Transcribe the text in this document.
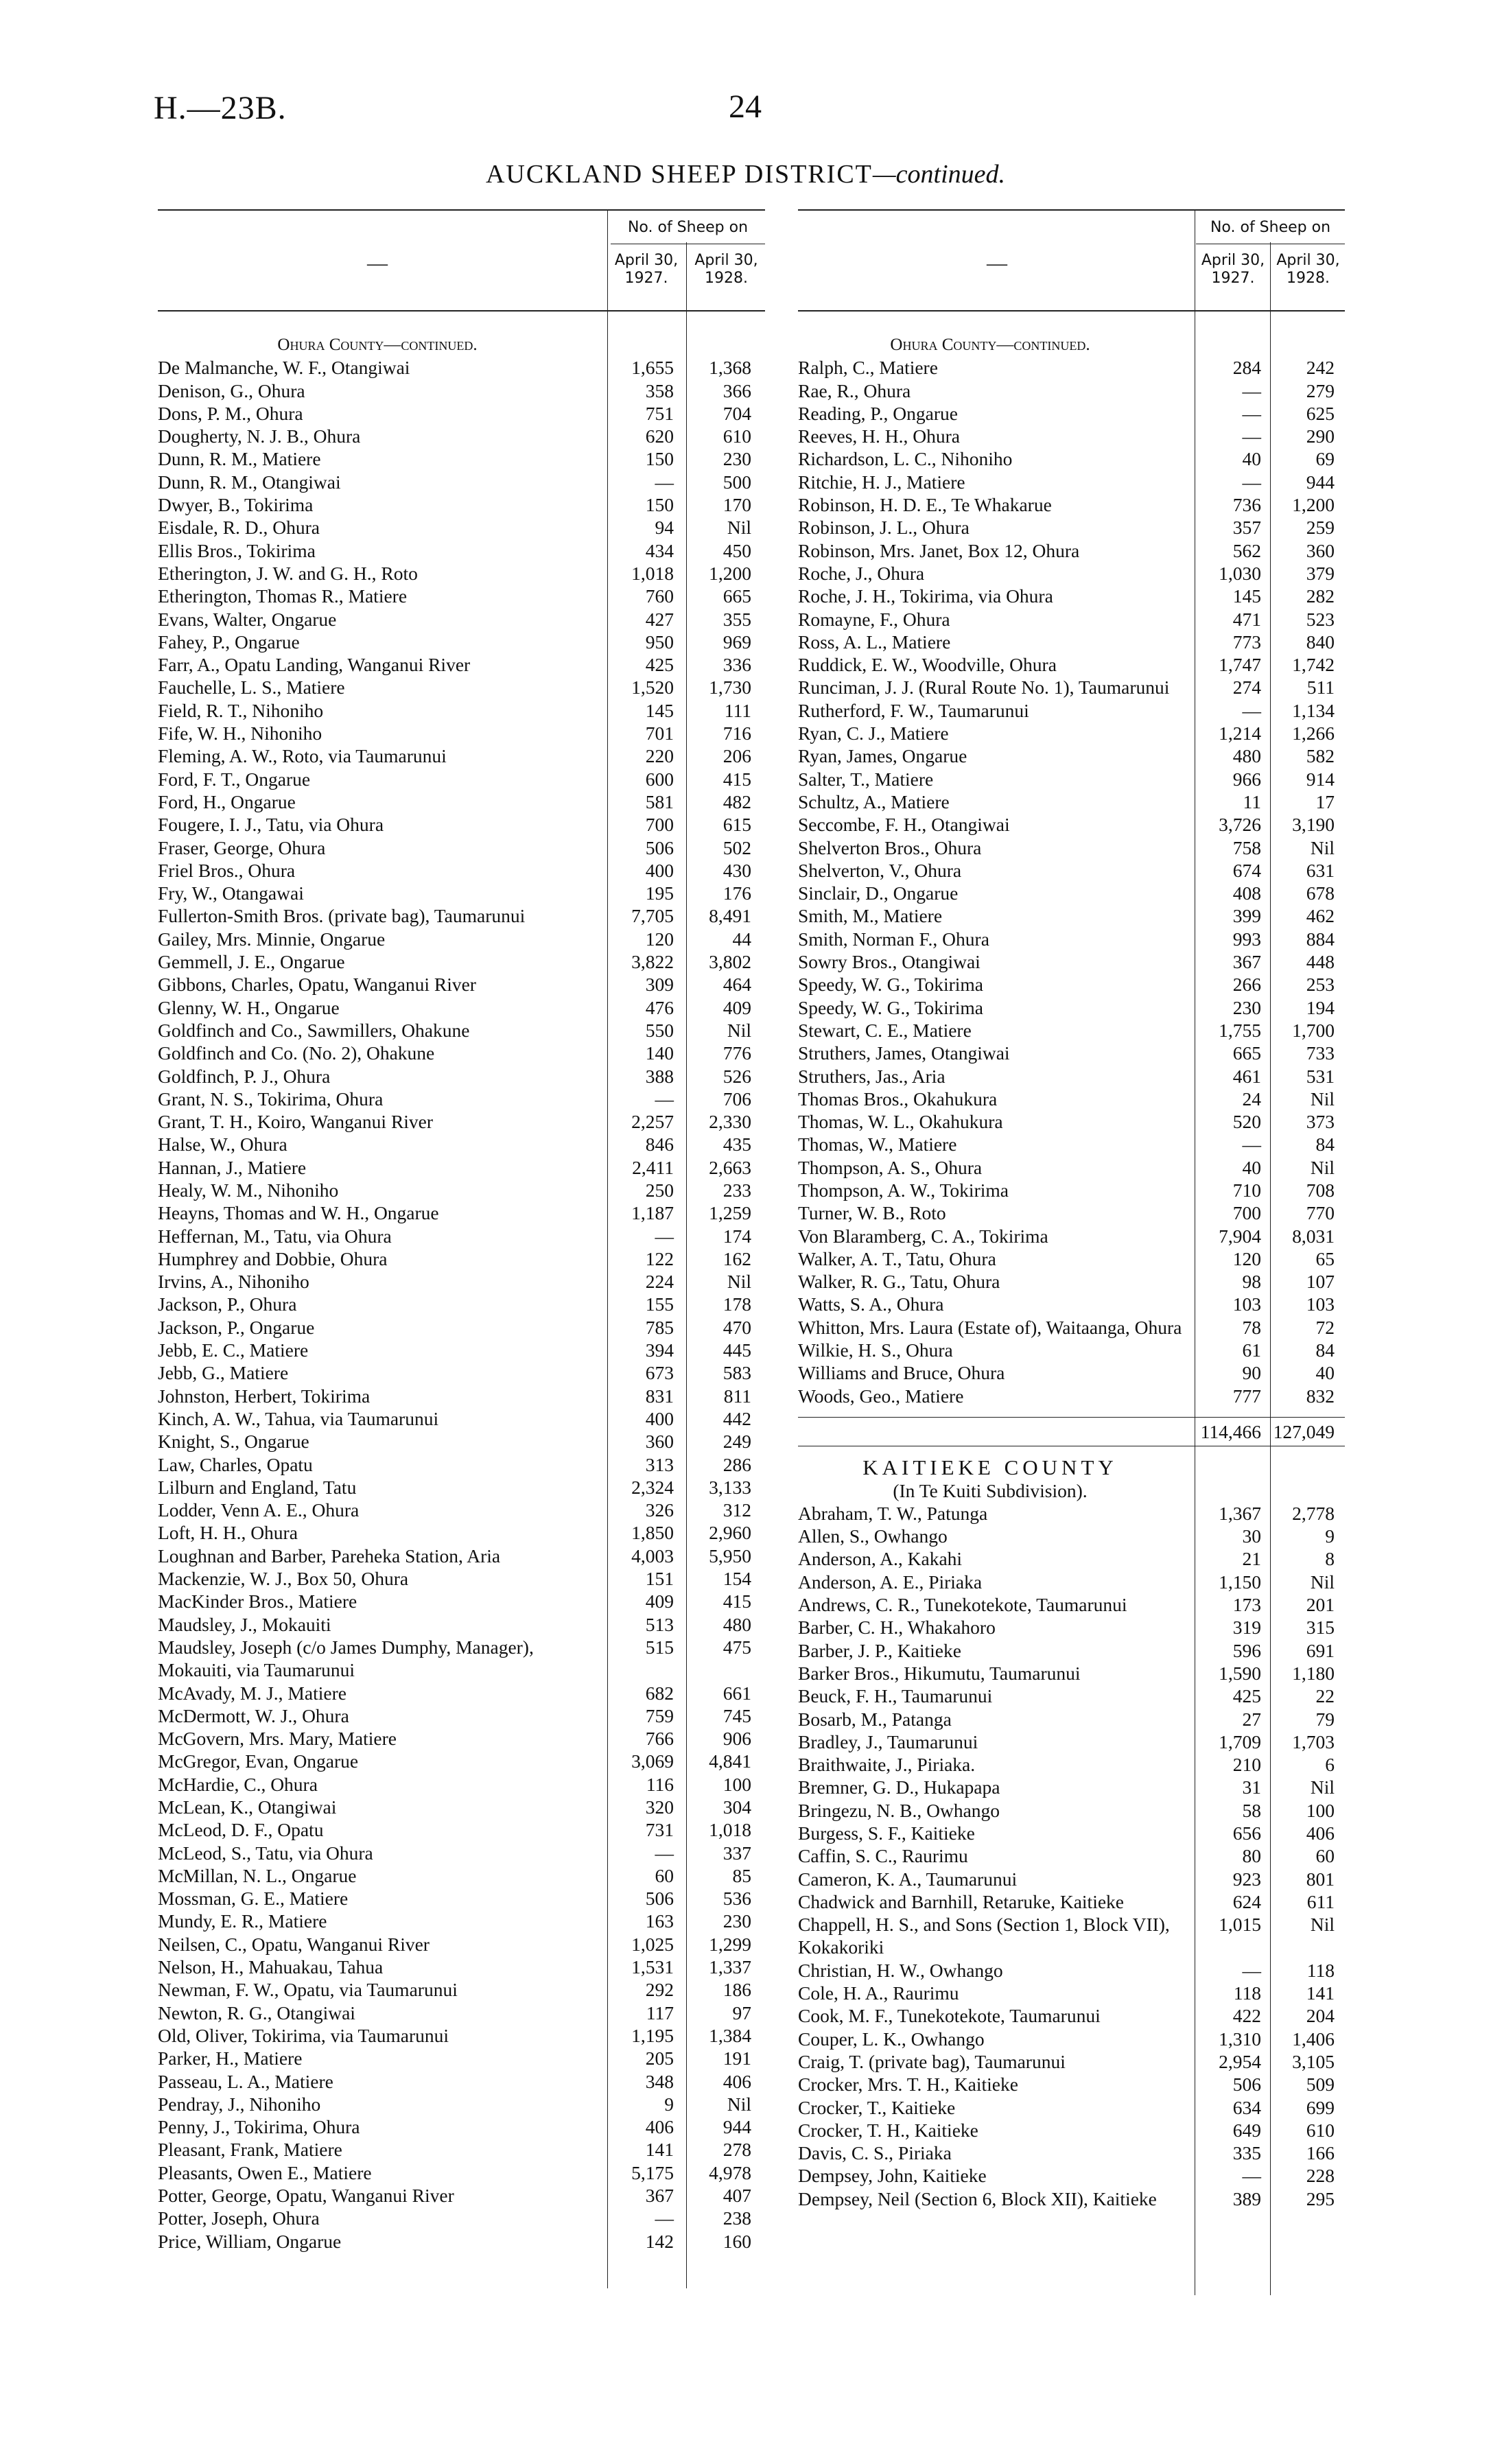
H.—23B.	24
AUCKLAND SHEEP DISTRICT—continued.
—
No. of Sheep on
April 30, 1927.
April 30, 1928.
Ohura County—continued.
De Malmanche, W. F., Otangiwai	1,655	1,368
Denison, G., Ohura	358	366
Dons, P. M., Ohura	751	704
Dougherty, N. J. B., Ohura	620	610
Dunn, R. M., Matiere	150	230
Dunn, R. M., Otangiwai	—	500
Dwyer, B., Tokirima	150	170
Eisdale, R. D., Ohura	94	Nil
Ellis Bros., Tokirima	434	450
Etherington, J. W. and G. H., Roto	1,018	1,200
Etherington, Thomas R., Matiere	760	665
Evans, Walter, Ongarue	427	355
Fahey, P., Ongarue	950	969
Farr, A., Opatu Landing, Wanganui River	425	336
Fauchelle, L. S., Matiere	1,520	1,730
Field, R. T., Nihoniho	145	111
Fife, W. H., Nihoniho	701	716
Fleming, A. W., Roto, via Taumarunui	220	206
Ford, F. T., Ongarue	600	415
Ford, H., Ongarue	581	482
Fougere, I. J., Tatu, via Ohura	700	615
Fraser, George, Ohura	506	502
Friel Bros., Ohura	400	430
Fry, W., Otangawai	195	176
Fullerton-Smith Bros. (private bag), Taumarunui	7,705	8,491
Gailey, Mrs. Minnie, Ongarue	120	44
Gemmell, J. E., Ongarue	3,822	3,802
Gibbons, Charles, Opatu, Wanganui River	309	464
Glenny, W. H., Ongarue	476	409
Goldfinch and Co., Sawmillers, Ohakune	550	Nil
Goldfinch and Co. (No. 2), Ohakune	140	776
Goldfinch, P. J., Ohura	388	526
Grant, N. S., Tokirima, Ohura	—	706
Grant, T. H., Koiro, Wanganui River	2,257	2,330
Halse, W., Ohura	846	435
Hannan, J., Matiere	2,411	2,663
Healy, W. M., Nihoniho	250	233
Heayns, Thomas and W. H., Ongarue	1,187	1,259
Heffernan, M., Tatu, via Ohura	—	174
Humphrey and Dobbie, Ohura	122	162
Irvins, A., Nihoniho	224	Nil
Jackson, P., Ohura	155	178
Jackson, P., Ongarue	785	470
Jebb, E. C., Matiere	394	445
Jebb, G., Matiere	673	583
Johnston, Herbert, Tokirima	831	811
Kinch, A. W., Tahua, via Taumarunui	400	442
Knight, S., Ongarue	360	249
Law, Charles, Opatu	313	286
Lilburn and England, Tatu	2,324	3,133
Lodder, Venn A. E., Ohura	326	312
Loft, H. H., Ohura	1,850	2,960
Loughnan and Barber, Pareheka Station, Aria	4,003	5,950
Mackenzie, W. J., Box 50, Ohura	151	154
MacKinder Bros., Matiere	409	415
Maudsley, J., Mokauiti	513	480
Maudsley, Joseph (c/o James Dumphy, Manager), Mokauiti, via Taumarunui
515	475
McAvady, M. J., Matiere	682	661
McDermott, W. J., Ohura	759	745
McGovern, Mrs. Mary, Matiere	766	906
McGregor, Evan, Ongarue	3,069	4,841
McHardie, C., Ohura	116	100
McLean, K., Otangiwai	320	304
McLeod, D. F., Opatu	731	1,018
McLeod, S., Tatu, via Ohura	—	337
McMillan, N. L., Ongarue	60	85
Mossman, G. E., Matiere	506	536
Mundy, E. R., Matiere	163	230
Neilsen, C., Opatu, Wanganui River	1,025	1,299
Nelson, H., Mahuakau, Tahua	1,531	1,337
Newman, F. W., Opatu, via Taumarunui	292	186
Newton, R. G., Otangiwai	117	97
Old, Oliver, Tokirima, via Taumarunui	1,195	1,384
Parker, H., Matiere	205	191
Passeau, L. A., Matiere	348	406
Pendray, J., Nihoniho	9	Nil
Penny, J., Tokirima, Ohura	406	944
Pleasant, Frank, Matiere	141	278
Pleasants, Owen E., Matiere	5,175	4,978
Potter, George, Opatu, Wanganui River	367	407
Potter, Joseph, Ohura	—	238
Price, William, Ongarue	142	160
—
No. of Sheep on
April 30, 1927.
April 30, 1928.
Ohura County—continued.
Ralph, C., Matiere	284	242
Rae, R., Ohura	—	279
Reading, P., Ongarue	—	625
Reeves, H. H., Ohura	—	290
Richardson, L. C., Nihoniho	40	69
Ritchie, H. J., Matiere	—	944
Robinson, H. D. E., Te Whakarue	736	1,200
Robinson, J. L., Ohura	357	259
Robinson, Mrs. Janet, Box 12, Ohura	562	360
Roche, J., Ohura	1,030	379
Roche, J. H., Tokirima, via Ohura	145	282
Romayne, F., Ohura	471	523
Ross, A. L., Matiere	773	840
Ruddick, E. W., Woodville, Ohura	1,747	1,742
Runciman, J. J. (Rural Route No. 1), Taumarunui	274	511
Rutherford, F. W., Taumarunui	—	1,134
Ryan, C. J., Matiere	1,214	1,266
Ryan, James, Ongarue	480	582
Salter, T., Matiere	966	914
Schultz, A., Matiere	11	17
Seccombe, F. H., Otangiwai	3,726	3,190
Shelverton Bros., Ohura	758	Nil
Shelverton, V., Ohura	674	631
Sinclair, D., Ongarue	408	678
Smith, M., Matiere	399	462
Smith, Norman F., Ohura	993	884
Sowry Bros., Otangiwai	367	448
Speedy, W. G., Tokirima	266	253
Speedy, W. G., Tokirima	230	194
Stewart, C. E., Matiere	1,755	1,700
Struthers, James, Otangiwai	665	733
Struthers, Jas., Aria	461	531
Thomas Bros., Okahukura	24	Nil
Thomas, W. L., Okahukura	520	373
Thomas, W., Matiere	—	84
Thompson, A. S., Ohura	40	Nil
Thompson, A. W., Tokirima	710	708
Turner, W. B., Roto	700	770
Von Blaramberg, C. A., Tokirima	7,904	8,031
Walker, A. T., Tatu, Ohura	120	65
Walker, R. G., Tatu, Ohura	98	107
Watts, S. A., Ohura	103	103
Whitton, Mrs. Laura (Estate of), Waitaanga, Ohura	78	72
Wilkie, H. S., Ohura	61	84
Williams and Bruce, Ohura	90	40
Woods, Geo., Matiere	777	832
114,466 127,049
KAITIEKE COUNTY
(In Te Kuiti Subdivision).
Abraham, T. W., Patunga	1,367	2,778
Allen, S., Owhango	30	9
Anderson, A., Kakahi	21	8
Anderson, A. E., Piriaka	1,150	Nil
Andrews, C. R., Tunekotekote, Taumarunui	173	201
Barber, C. H., Whakahoro	319	315
Barber, J. P., Kaitieke	596	691
Barker Bros., Hikumutu, Taumarunui	1,590	1,180
Beuck, F. H., Taumarunui	425	22
Bosarb, M., Patanga	27	79
Bradley, J., Taumarunui	1,709	1,703
Braithwaite, J., Piriaka.	210	6
Bremner, G. D., Hukapapa	31	Nil
Bringezu, N. B., Owhango	58	100
Burgess, S. F., Kaitieke	656	406
Caffin, S. C., Raurimu	80	60
Cameron, K. A., Taumarunui	923	801
Chadwick and Barnhill, Retaruke, Kaitieke	624	611
Chappell, H. S., and Sons (Section 1, Block VII), Kokakoriki
1,015	Nil
Christian, H. W., Owhango	—	118
Cole, H. A., Raurimu	118	141
Cook, M. F., Tunekotekote, Taumarunui	422	204
Couper, L. K., Owhango	1,310	1,406
Craig, T. (private bag), Taumarunui	2,954	3,105
Crocker, Mrs. T. H., Kaitieke	506	509
Crocker, T., Kaitieke	634	699
Crocker, T. H., Kaitieke	649	610
Davis, C. S., Piriaka	335	166
Dempsey, John, Kaitieke	—	228
Dempsey, Neil (Section 6, Block XII), Kaitieke	389	295
